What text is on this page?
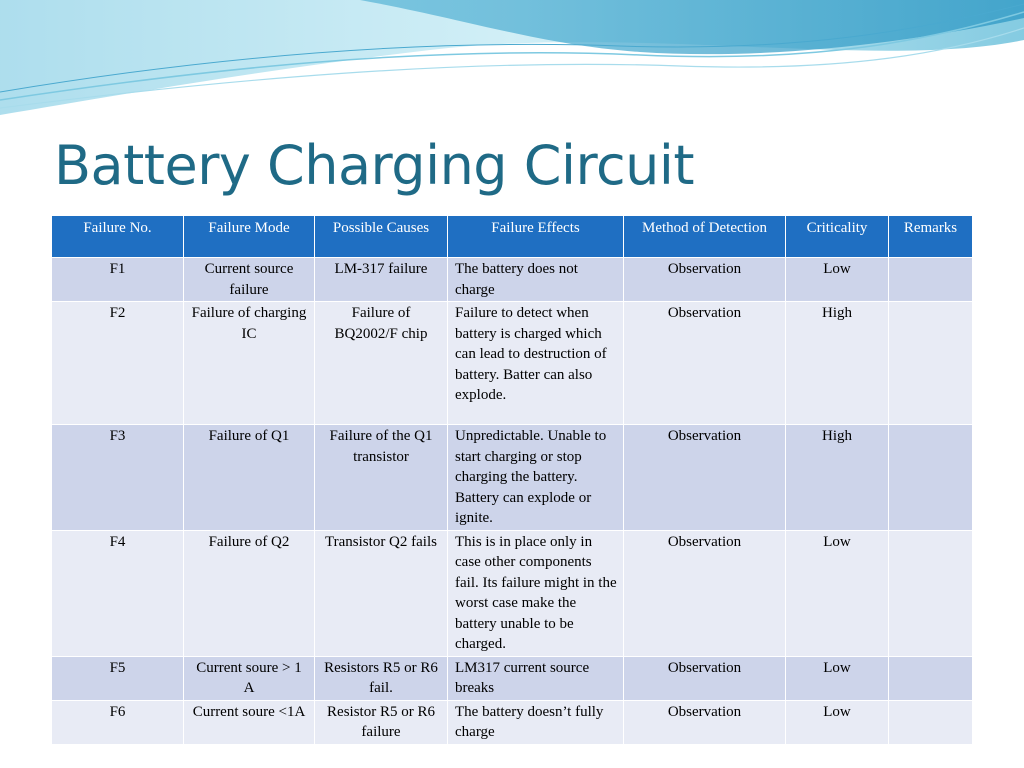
Battery Charging Circuit
Failure No.	Failure Mode	Possible Causes	Failure Effects	Method of Detection	Criticality	Remarks
F1	Current source failure	LM-317 failure	The battery does not charge	Observation	Low	
F2	Failure of charging IC	Failure of BQ2002/F chip	Failure to detect when battery is charged which can lead to destruction of battery. Batter can also explode.	Observation	High	
F3	Failure of Q1	Failure of the Q1 transistor	Unpredictable. Unable to start charging or stop charging the battery. Battery can explode or ignite.	Observation	High	
F4	Failure of Q2	Transistor Q2 fails	This is in place only in case other components fail. Its failure might in the worst case make the battery unable to be charged.	Observation	Low	
F5	Current soure > 1 A	Resistors R5 or R6 fail.	LM317 current source breaks	Observation	Low	
F6	Current soure <1A	Resistor R5 or R6 failure	The battery doesn’t fully charge	Observation	Low	
